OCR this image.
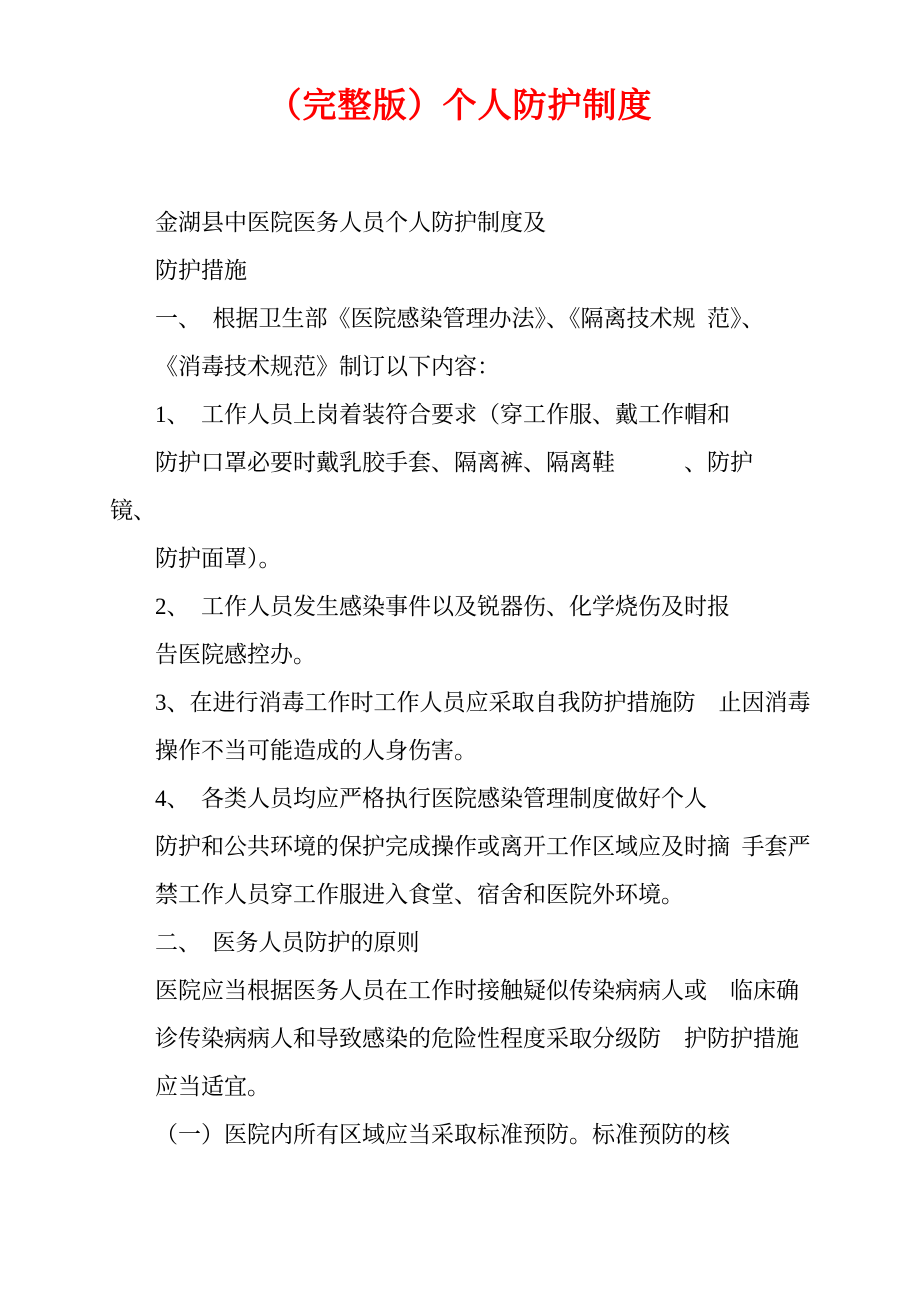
（完整版）个人防护制度
金湖县中医院医务人员个人防护制度及
防护措施
一、　根据卫生部《医院感染管理办法》、《隔离技术规  范》、
《消毒技术规范》制订以下内容：
1、　工作人员上岗着装符合要求（穿工作服、戴工作帽和
防护口罩必要时戴乳胶手套、隔离裤、隔离鞋　　　、防护
镜、
防护面罩）。
2、　工作人员发生感染事件以及锐器伤、化学烧伤及时报
告医院感控办。
3、在进行消毒工作时工作人员应采取自我防护措施防　止因消毒
操作不当可能造成的人身伤害。
4、　各类人员均应严格执行医院感染管理制度做好个人
防护和公共环境的保护完成操作或离开工作区域应及时摘  手套严
禁工作人员穿工作服进入食堂、宿舍和医院外环境。
二、　医务人员防护的原则
医院应当根据医务人员在工作时接触疑似传染病病人或　临床确
诊传染病病人和导致感染的危险性程度采取分级防　护防护措施
应当适宜。
（一）医院内所有区域应当采取标准预防。标准预防的核
